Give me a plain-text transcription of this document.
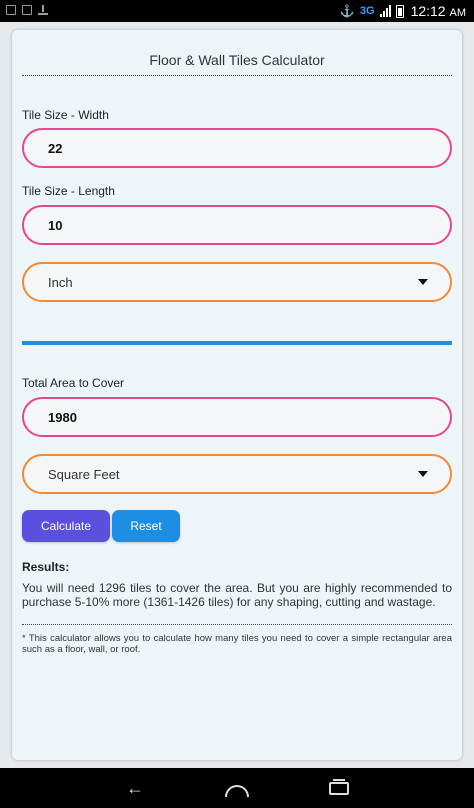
⚓ 3G	12:12 AM
Floor & Wall Tiles Calculator
Tile Size - Width
22
Tile Size - Length
10
Inch
Total Area to Cover
1980
Square Feet
Calculate	Reset
Results:
You will need 1296 tiles to cover the area. But you are highly recommended to purchase 5-10% more (1361-1426 tiles) for any shaping, cutting and wastage.
* This calculator allows you to calculate how many tiles you need to cover a simple rectangular area such as a floor, wall, or roof.
←
